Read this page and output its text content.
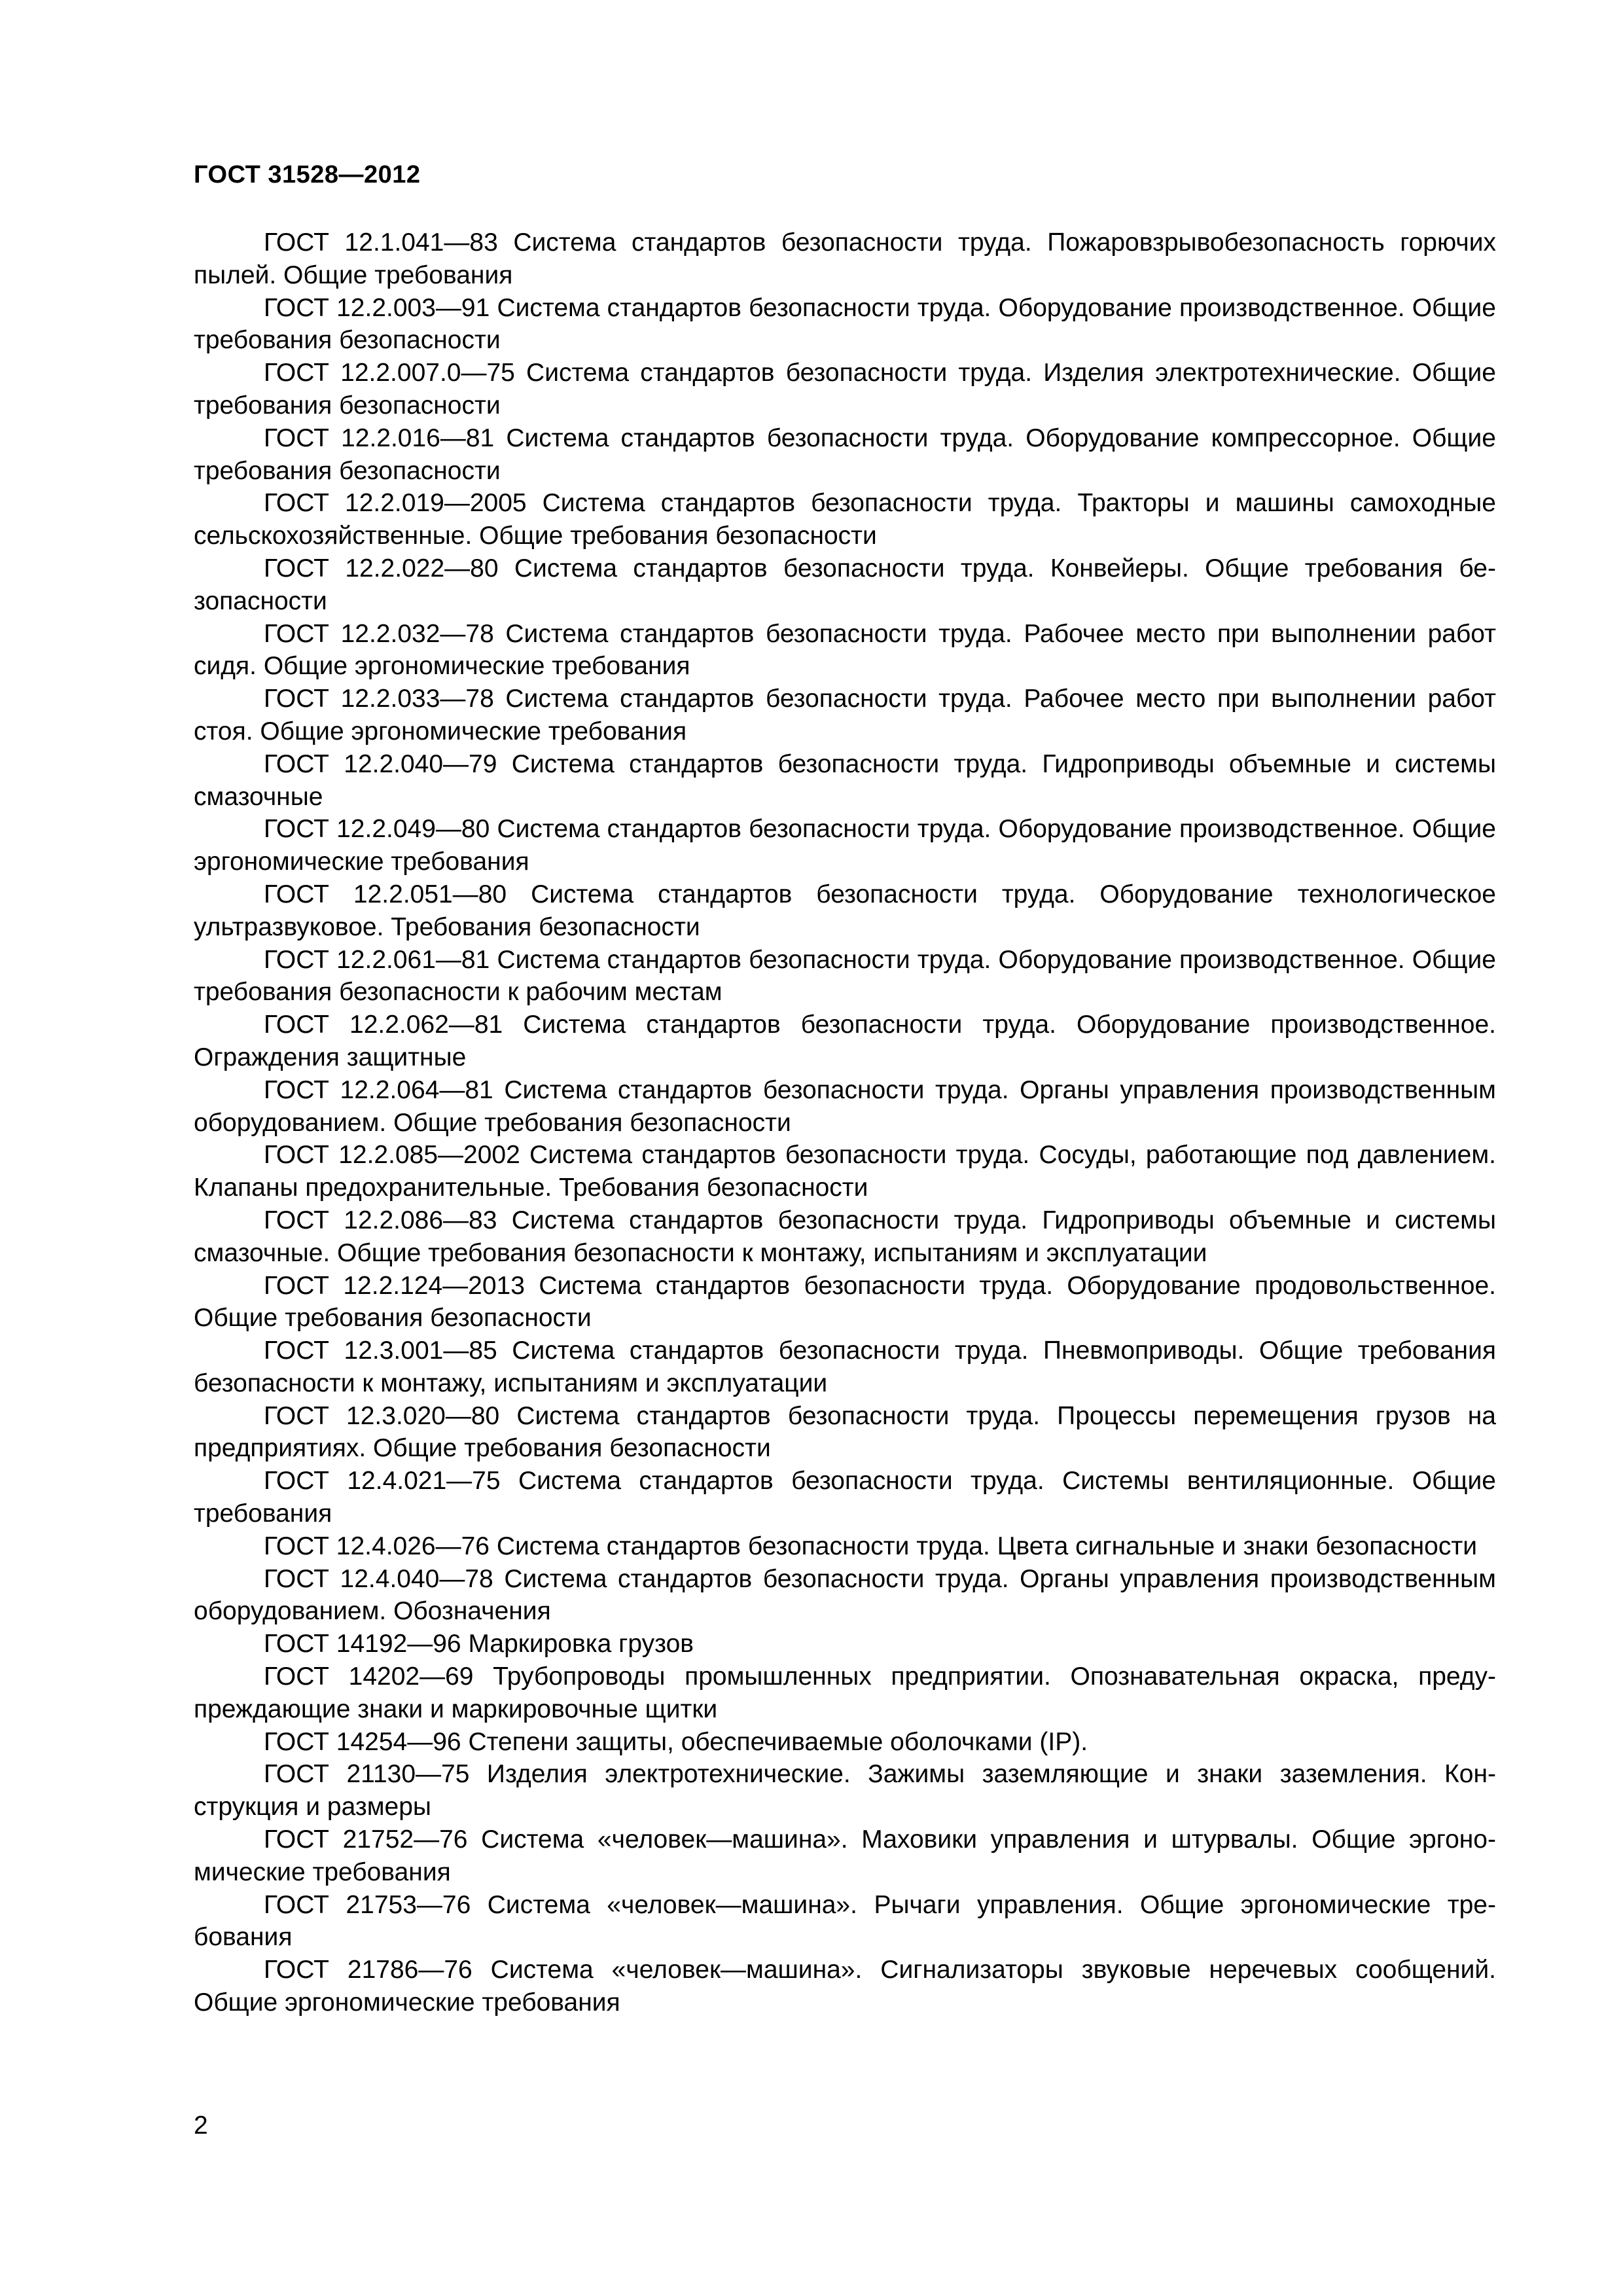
ГОСТ 31528—2012
ГОСТ 12.1.041—83 Система стандартов безопасности труда. Пожаровзрывобезопасность горючих пылей. Общие требования
ГОСТ 12.2.003—91 Система стандартов безопасности труда. Оборудование производственное. Общие требования безопасности
ГОСТ 12.2.007.0—75 Система стандартов безопасности труда. Изделия электротехнические. Общие требования безопасности
ГОСТ 12.2.016—81 Система стандартов безопасности труда. Оборудование компрессорное. Общие требования безопасности
ГОСТ 12.2.019—2005 Система стандартов безопасности труда. Тракторы и машины самоходные сельскохозяйственные. Общие требования безопасности
ГОСТ 12.2.022—80 Система стандартов безопасности труда. Конвейеры. Общие требования безопасности
ГОСТ 12.2.032—78 Система стандартов безопасности труда. Рабочее место при выполнении работ сидя. Общие эргономические требования
ГОСТ 12.2.033—78 Система стандартов безопасности труда. Рабочее место при выполнении работ стоя. Общие эргономические требования
ГОСТ 12.2.040—79 Система стандартов безопасности труда. Гидроприводы объемные и системы смазочные
ГОСТ 12.2.049—80 Система стандартов безопасности труда. Оборудование производственное. Общие эргономические требования
ГОСТ 12.2.051—80 Система стандартов безопасности труда. Оборудование технологическое ультразвуковое. Требования безопасности
ГОСТ 12.2.061—81 Система стандартов безопасности труда. Оборудование производственное. Общие требования безопасности к рабочим местам
ГОСТ 12.2.062—81 Система стандартов безопасности труда. Оборудование производственное. Ограждения защитные
ГОСТ 12.2.064—81 Система стандартов безопасности труда. Органы управления производственным оборудованием. Общие требования безопасности
ГОСТ 12.2.085—2002 Система стандартов безопасности труда. Сосуды, работающие под давлением. Клапаны предохранительные. Требования безопасности
ГОСТ 12.2.086—83 Система стандартов безопасности труда. Гидроприводы объемные и системы смазочные. Общие требования безопасности к монтажу, испытаниям и эксплуатации
ГОСТ 12.2.124—2013 Система стандартов безопасности труда. Оборудование продовольственное. Общие требования безопасности
ГОСТ 12.3.001—85 Система стандартов безопасности труда. Пневмоприводы. Общие требования безопасности к монтажу, испытаниям и эксплуатации
ГОСТ 12.3.020—80 Система стандартов безопасности труда. Процессы перемещения грузов на предприятиях. Общие требования безопасности
ГОСТ 12.4.021—75 Система стандартов безопасности труда. Системы вентиляционные. Общие требования
ГОСТ 12.4.026—76 Система стандартов безопасности труда. Цвета сигнальные и знаки безопасности
ГОСТ 12.4.040—78 Система стандартов безопасности труда. Органы управления производственным оборудованием. Обозначения
ГОСТ 14192—96 Маркировка грузов
ГОСТ 14202—69 Трубопроводы промышленных предприятии. Опознавательная окраска, предупреждающие знаки и маркировочные щитки
ГОСТ 14254—96 Степени защиты, обеспечиваемые оболочками (IP).
ГОСТ 21130—75 Изделия электротехнические. Зажимы заземляющие и знаки заземления. Конструкция и размеры
ГОСТ 21752—76 Система «человек—машина». Маховики управления и штурвалы. Общие эргономические требования
ГОСТ 21753—76 Система «человек—машина». Рычаги управления. Общие эргономические требования
ГОСТ 21786—76 Система «человек—машина». Сигнализаторы звуковые неречевых сообщений. Общие эргономические требования
2
